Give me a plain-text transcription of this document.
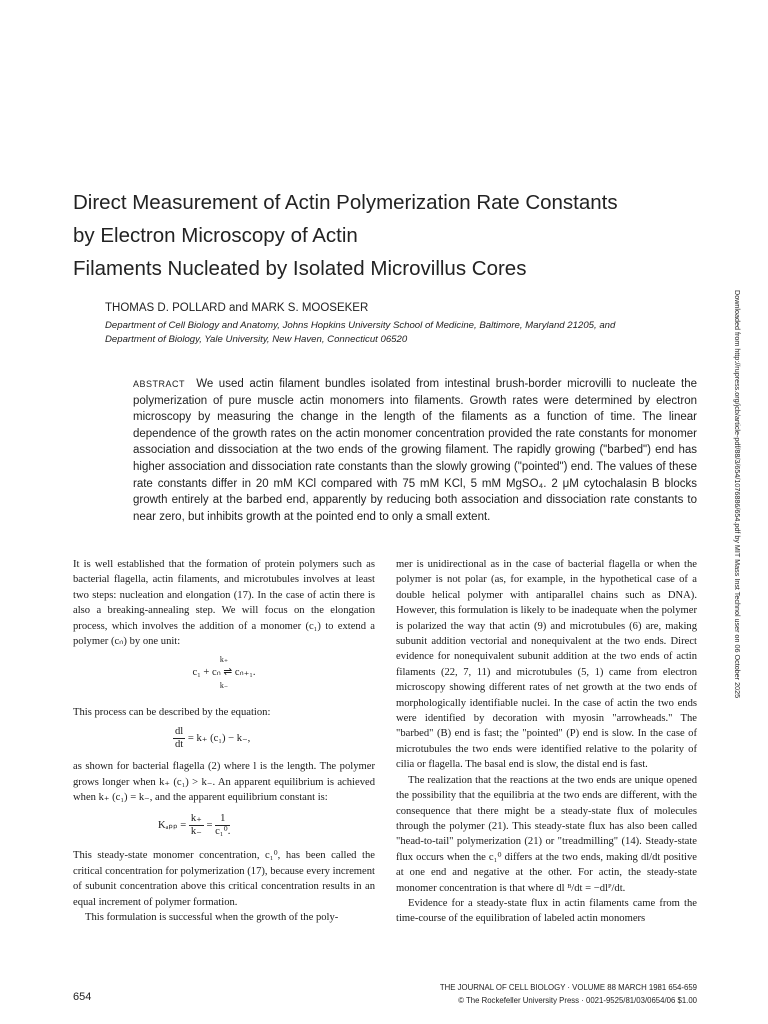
Direct Measurement of Actin Polymerization Rate Constants
by Electron Microscopy of Actin
Filaments Nucleated by Isolated Microvillus Cores
THOMAS D. POLLARD and MARK S. MOOSEKER
Department of Cell Biology and Anatomy, Johns Hopkins University School of Medicine, Baltimore, Maryland 21205, and
Department of Biology, Yale University, New Haven, Connecticut 06520

ABSTRACT We used actin filament bundles isolated from intestinal brush-border microvilli to nucleate the polymerization of pure muscle actin monomers into filaments. Growth rates were determined by electron microscopy by measuring the change in the length of the filaments as a function of time. The linear dependence of the growth rates on the actin monomer concentration provided the rate constants for monomer association and dissociation at the two ends of the growing filament. The rapidly growing ("barbed") end has higher association and dissociation rate constants than the slowly growing ("pointed") end. The values of these rate constants differ in 20 mM KCl compared with 75 mM KCl, 5 mM MgSO₄. 2 μM cytochalasin B blocks growth entirely at the barbed end, apparently by reducing both association and dissociation rate constants to near zero, but inhibits growth at the pointed end to only a small extent.

It is well established that the formation of protein polymers such as bacterial flagella, actin filaments, and microtubules involves at least two steps: nucleation and elongation (17). In the case of actin there is also a breaking-annealing step. We will focus on the elongation process, which involves the addition of a monomer (c₁) to extend a polymer (cₙ) by one unit:

k₊
c₁ + cₙ ⇌ cₙ₊₁.
k₋

This process can be described by the equation:

$\frac{dl}{dt} = k_+$ (c₁) − k₋,

as shown for bacterial flagella (2) where l is the length. The polymer grows longer when k₊ (c₁) > k₋. An apparent equilibrium is achieved when k₊ (c₁) = k₋, and the apparent equilibrium constant is:

$K_{app} = \frac{k_+}{k_-} = \frac{1}{\text{c₁⁰.}}$

This steady-state monomer concentration, c₁⁰, has been called the critical concentration for polymerization (17), because every increment of subunit concentration above this critical concentration results in an equal increment of polymer formation.

This formulation is successful when the growth of the poly-

mer is unidirectional as in the case of bacterial flagella or when the polymer is not polar (as, for example, in the hypothetical case of a double helical polymer with antiparallel chains such as DNA). However, this formulation is likely to be inadequate when the polymer is polarized the way that actin (9) and microtubules (6) are, making subunit addition vectorial and nonequivalent at the two ends. Direct evidence for nonequivalent subunit addition at the two ends of actin filaments (22, 7, 11) and microtubules (5, 1) came from electron microscopy showing different rates of net growth at the two ends of morphologically identifiable nuclei. In the case of actin the two ends were identified by decoration with myosin "arrowheads." The "barbed" (B) end is fast; the "pointed" (P) end is slow. In the case of microtubules the two ends were identified relative to the polarity of cilia or flagella. The basal end is slow, the distal end is fast.

The realization that the reactions at the two ends are unique opened the possibility that the equilibria at the two ends are different, with the consequence that there might be a steady-state flux of molecules through the polymer (21). This steady-state flux has also been called "head-to-tail" polymerization (21) or "treadmilling" (14). Steady-state flux occurs when the c₁⁰ differs at the two ends, making dl/dt positive at one end and negative at the other. For actin, the steady-state monomer concentration is that where dl ᴮ/dt = −dlᴾ/dt.

Evidence for a steady-state flux in actin filaments came from the time-course of the equilibration of labeled actin monomers

THE JOURNAL OF CELL BIOLOGY · VOLUME 88 MARCH 1981 654-659
© The Rockefeller University Press · 0021-9525/81/03/0654/06 $1.00
654
Downloaded from http://rupress.org/jcb/article-pdf/88/3/654/1076886/654.pdf by MIT Mass Inst Technol user on 06 October 2025
